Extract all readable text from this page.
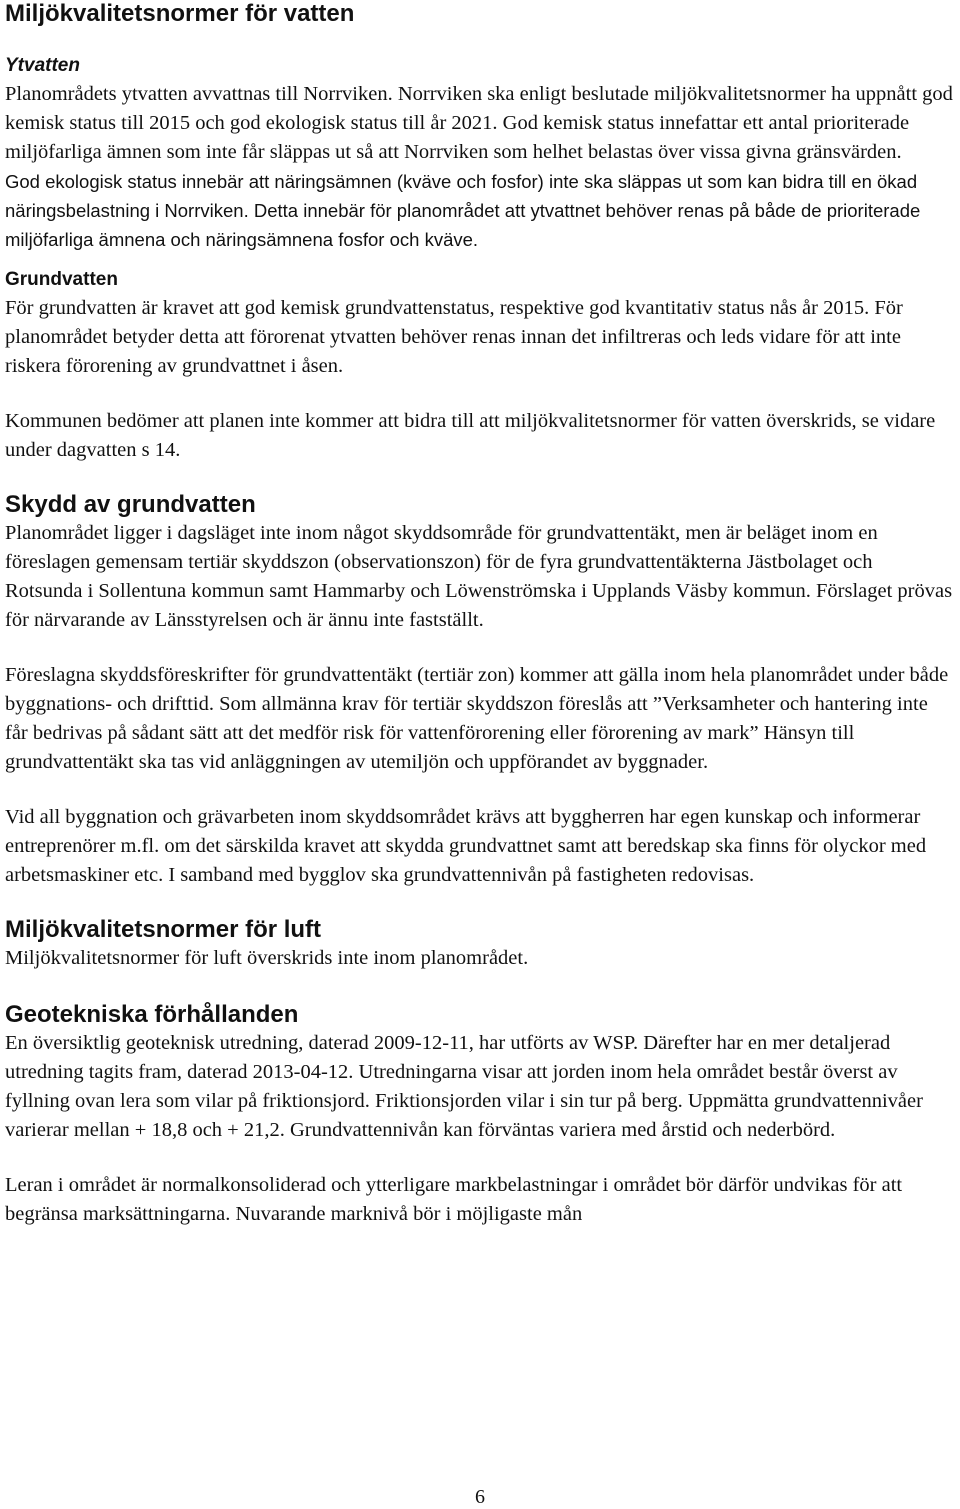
Miljökvalitetsnormer för vatten
Ytvatten

Planområdets ytvatten avvattnas till Norrviken. Norrviken ska enligt beslutade miljökvalitetsnormer ha uppnått god kemisk status till 2015 och god ekologisk status till år 2021. God kemisk status innefattar ett antal prioriterade miljöfarliga ämnen som inte får släppas ut så att Norrviken som helhet belastas över vissa givna gränsvärden.

God ekologisk status innebär att näringsämnen (kväve och fosfor) inte ska släppas ut som kan bidra till en ökad näringsbelastning i Norrviken. Detta innebär för planområdet att ytvattnet behöver renas på både de prioriterade miljöfarliga ämnena och näringsämnena fosfor och kväve.

Grundvatten

För grundvatten är kravet att god kemisk grundvattenstatus, respektive god kvantitativ status nås år 2015. För planområdet betyder detta att förorenat ytvatten behöver renas innan det infiltreras och leds vidare för att inte riskera förorening av grundvattnet i åsen.

Kommunen bedömer att planen inte kommer att bidra till att miljökvalitetsnormer för vatten överskrids, se vidare under dagvatten s 14.

Skydd av grundvatten

Planområdet ligger i dagsläget inte inom något skyddsområde för grundvattentäkt, men är beläget inom en föreslagen gemensam tertiär skyddszon (observationszon) för de fyra grundvattentäkterna Jästbolaget och Rotsunda i Sollentuna kommun samt Hammarby och Löwenströmska i Upplands Väsby kommun. Förslaget prövas för närvarande av Länsstyrelsen och är ännu inte fastställt.

Föreslagna skyddsföreskrifter för grundvattentäkt (tertiär zon) kommer att gälla inom hela planområdet under både byggnations- och drifttid. Som allmänna krav för tertiär skyddszon föreslås att ”Verksamheter och hantering inte får bedrivas på sådant sätt att det medför risk för vattenförorening eller förorening av mark” Hänsyn till grundvattentäkt ska tas vid anläggningen av utemiljön och uppförandet av byggnader.

Vid all byggnation och grävarbeten inom skyddsområdet krävs att byggherren har egen kunskap och informerar entreprenörer m.fl. om det särskilda kravet att skydda grundvattnet samt att beredskap ska finns för olyckor med arbetsmaskiner etc. I samband med bygglov ska grundvattennivån på fastigheten redovisas.

Miljökvalitetsnormer för luft

Miljökvalitetsnormer för luft överskrids inte inom planområdet.

Geotekniska förhållanden

En översiktlig geoteknisk utredning, daterad 2009-12-11, har utförts av WSP. Därefter har en mer detaljerad utredning tagits fram, daterad 2013-04-12. Utredningarna visar att jorden inom hela området består överst av fyllning ovan lera som vilar på friktionsjord. Friktionsjorden vilar i sin tur på berg. Uppmätta grundvattennivåer varierar mellan + 18,8 och + 21,2. Grundvattennivån kan förväntas variera med årstid och nederbörd.

Leran i området är normalkonsoliderad och ytterligare markbelastningar i området bör därför undvikas för att begränsa marksättningarna. Nuvarande marknivå bör i möjligaste mån

6
